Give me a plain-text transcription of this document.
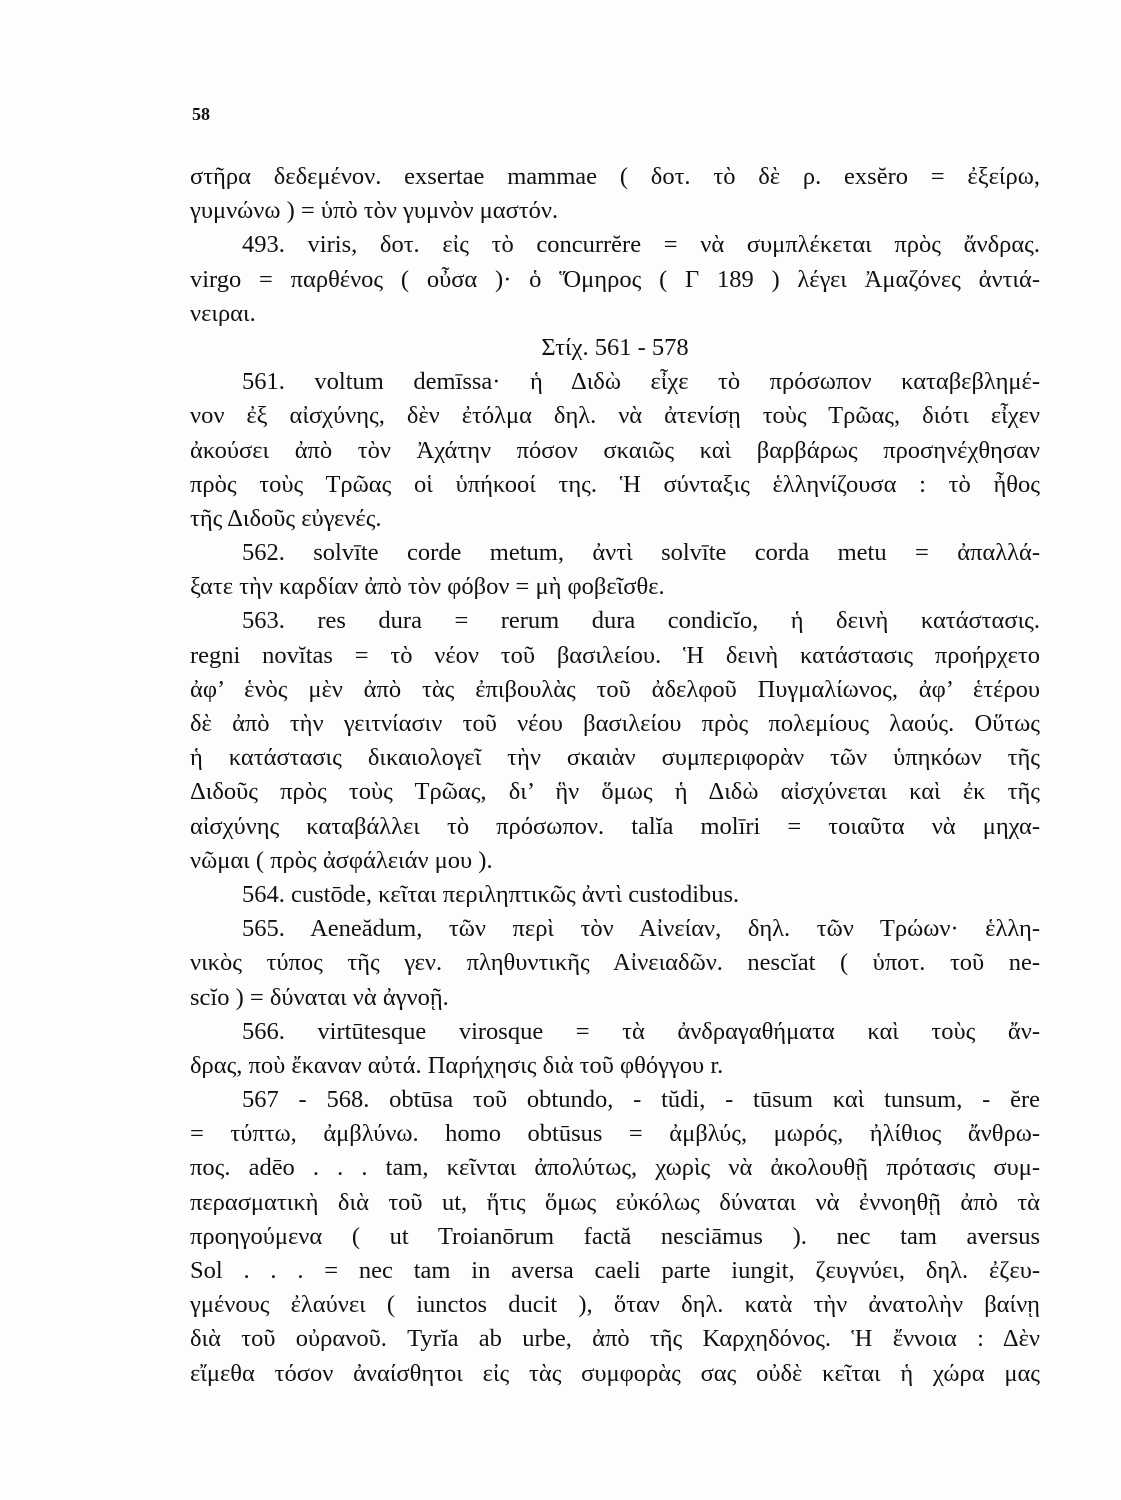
58
στῆρα δεδεμένον. exsertae mammae ( δοτ. τὸ δὲ ρ. exsĕro = ἐξείρω,
γυμνώνω ) = ὑπὸ τὸν γυμνὸν μαστόν.
493. viris, δοτ. εἰς τὸ concurrĕre = νὰ συμπλέκεται πρὸς ἄνδρας.
virgo = παρθένος ( οὖσα )· ὁ Ὅμηρος ( Γ 189 ) λέγει Ἀμαζόνες ἀντιά-
νειραι.
Στίχ. 561 - 578
561. voltum demīssa· ἡ Διδὼ εἶχε τὸ πρόσωπον καταβεβλημέ-
νον ἐξ αἰσχύνης, δὲν ἐτόλμα δηλ. νὰ ἀτενίσῃ τοὺς Τρῶας, διότι εἶχεν
ἀκούσει ἀπὸ τὸν Ἀχάτην πόσον σκαιῶς καὶ βαρβάρως προσηνέχθησαν
πρὸς τοὺς Τρῶας οἱ ὑπήκοοί της. Ἡ σύνταξις ἑλληνίζουσα : τὸ ἦθος
τῆς Διδοῦς εὐγενές.
562. solvīte corde metum, ἀντὶ solvīte corda metu = ἀπαλλά-
ξατε τὴν καρδίαν ἀπὸ τὸν φόβον = μὴ φοβεῖσθε.
563. res dura = rerum dura condicĭo, ἡ δεινὴ κατάστασις.
regni novĭtas = τὸ νέον τοῦ βασιλείου. Ἡ δεινὴ κατάστασις προήρχετο
ἀφ’ ἑνὸς μὲν ἀπὸ τὰς ἐπιβουλὰς τοῦ ἀδελφοῦ Πυγμαλίωνος, ἀφ’ ἑτέρου
δὲ ἀπὸ τὴν γειτνίασιν τοῦ νέου βασιλείου πρὸς πολεμίους λαούς. Οὕτως
ἡ κατάστασις δικαιολογεῖ τὴν σκαιὰν συμπεριφορὰν τῶν ὑπηκόων τῆς
Διδοῦς πρὸς τοὺς Τρῶας, δι’ ἣν ὅμως ἡ Διδὼ αἰσχύνεται καὶ ἐκ τῆς
αἰσχύνης καταβάλλει τὸ πρόσωπον. talĭa molīri = τοιαῦτα νὰ μηχα-
νῶμαι ( πρὸς ἀσφάλειάν μου ).
564. custōde, κεῖται περιληπτικῶς ἀντὶ custodibus.
565. Aeneădum, τῶν περὶ τὸν Αἰνείαν, δηλ. τῶν Τρώων· ἑλλη-
νικὸς τύπος τῆς γεν. πληθυντικῆς Αἰνειαδῶν. nescĭat ( ὑποτ. τοῦ ne-
scĭo ) = δύναται νὰ ἀγνοῇ.
566. virtūtesque virosque = τὰ ἀνδραγαθήματα καὶ τοὺς ἄν-
δρας, ποὺ ἔκαναν αὐτά. Παρήχησις διὰ τοῦ φθόγγου r.
567 - 568. obtūsa τοῦ obtundo, - tŭdi, - tūsum καὶ tunsum, - ĕre
= τύπτω, ἀμβλύνω. homo obtūsus = ἀμβλύς, μωρός, ἠλίθιος ἄνθρω-
πος. adēo . . . tam, κεῖνται ἀπολύτως, χωρὶς νὰ ἀκολουθῇ πρότασις συμ-
περασματικὴ διὰ τοῦ ut, ἥτις ὅμως εὐκόλως δύναται νὰ ἐννοηθῇ ἀπὸ τὰ
προηγούμενα ( ut Troianōrum factă nesciāmus ). nec tam aversus
Sol . . . = nec tam in aversa caeli parte iungit, ζευγνύει, δηλ. ἐζευ-
γμένους ἐλαύνει ( iunctos ducit ), ὅταν δηλ. κατὰ τὴν ἀνατολὴν βαίνῃ
διὰ τοῦ οὐρανοῦ. Tyrĭa ab urbe, ἀπὸ τῆς Καρχηδόνος. Ἡ ἔννοια : Δὲν
εἴμεθα τόσον ἀναίσθητοι εἰς τὰς συμφορὰς σας οὐδὲ κεῖται ἡ χώρα μας
